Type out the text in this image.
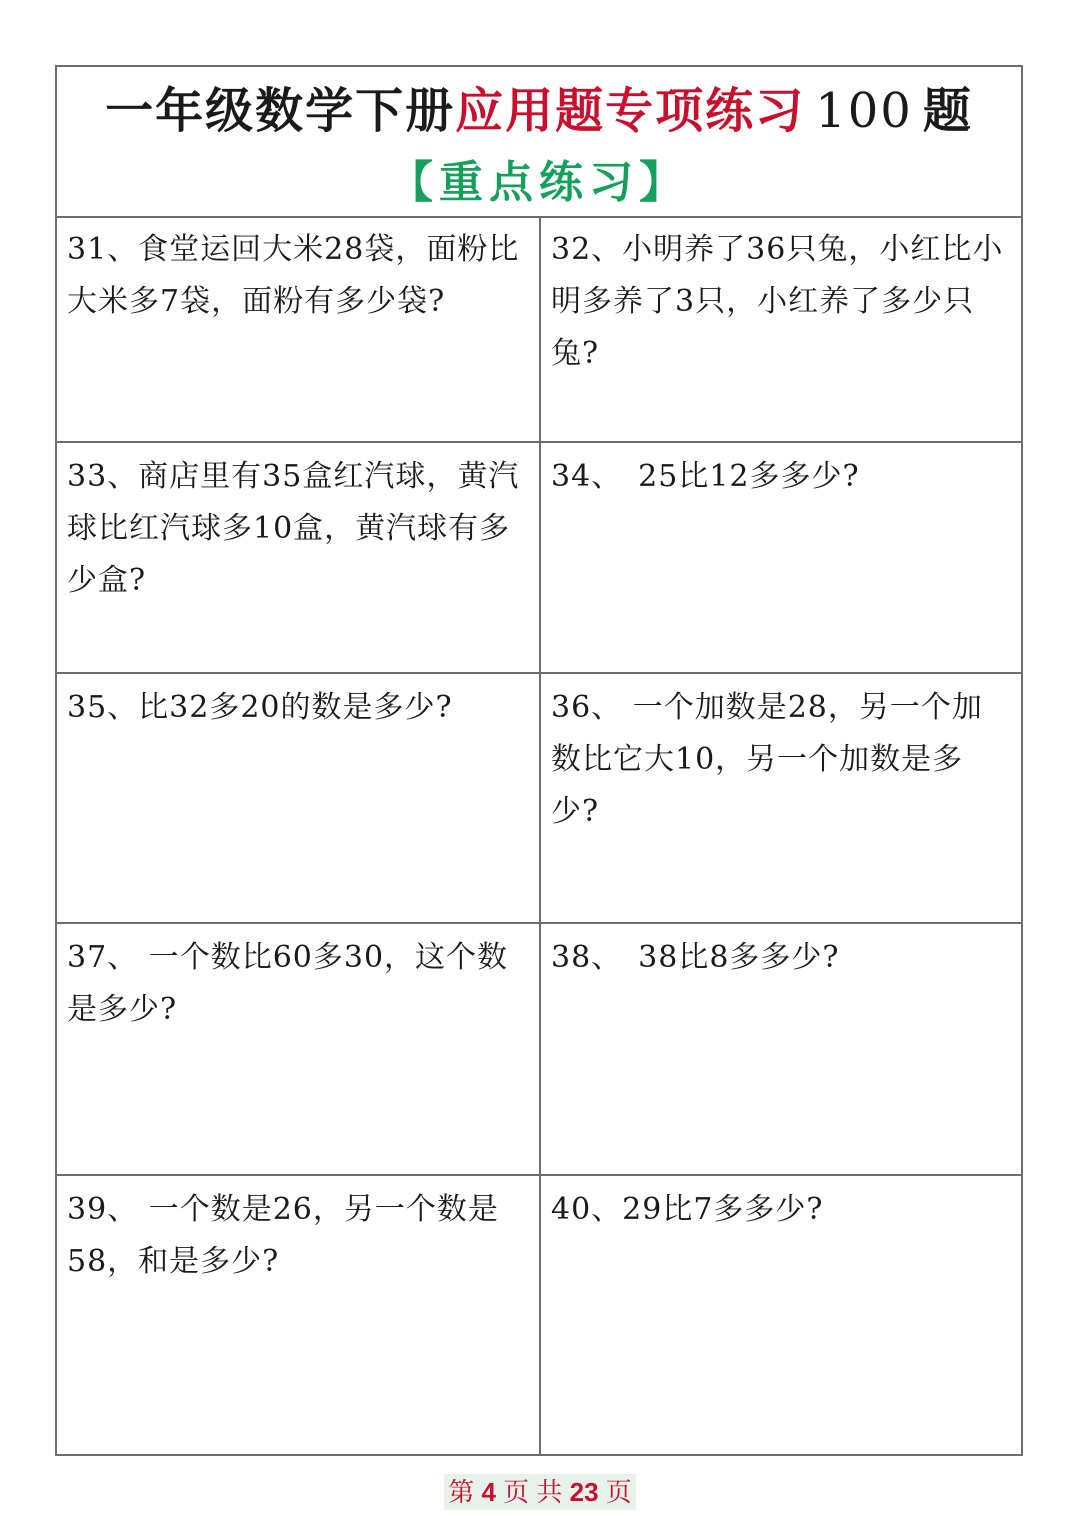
一年级数学下册应用题专项练习 100 题
【重点练习】
31、食堂运回大米28袋，面粉比大米多7袋，面粉有多少袋?
32、小明养了36只兔，小红比小明多养了3只，小红养了多少只兔?
33、商店里有35盒红汽球，黄汽球比红汽球多10盒，黄汽球有多少盒?
34、　25比12多多少?
35、比32多20的数是多少?	36、 一个加数是28，另一个加数比它大10，另一个加数是多少?
37、 一个数比60多30，这个数是多少?
38、　38比8多多少?
39、 一个数是26，另一个数是58，和是多少?
40、29比7多多少?
第 4 页 共 23 页
